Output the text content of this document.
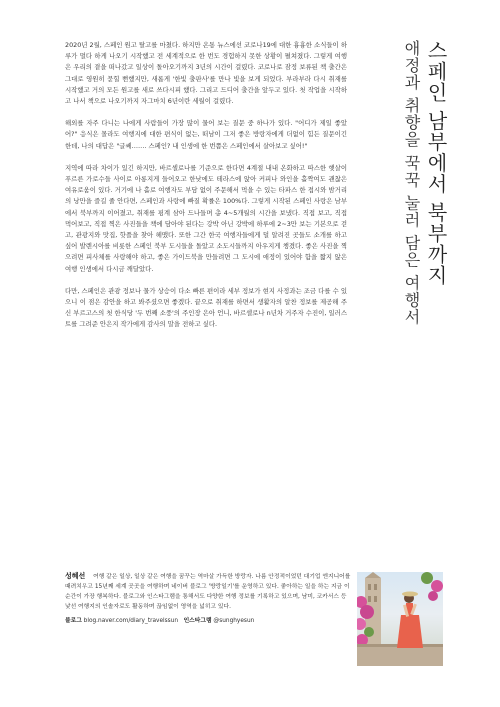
스페인 남부에서 북부까지
애정과 취향을 꾹꾹 눌러 담은 여행서

2020년 2월, 스페인 원고 탈고를 마쳤다. 하지만 온통 뉴스에선 코로나19에 대한 흉흉한 소식들이 하루가 멀다 하게 나오기 시작했고 전 세계적으로 한 번도 경험하지 못한 상황이 펼쳐졌다. 그렇게 여행은 우리의 곁을 떠나갔고 일상이 돌아오기까지 3년의 시간이 걸렸다. 코로나로 잠정 보류된 책 출간은 그대로 영원히 묻힐 뻔했지만, 새롭게 '한빛 출판사'를 만나 빛을 보게 되었다. 부라부라 다시 취재를 시작했고 거의 모든 원고를 새로 쓰다시피 했다. 그리고 드디어 출간을 앞두고 있다. 첫 작업을 시작하고 나서 책으로 나오기까지 자그마치 6년이란 세월이 걸렸다.

해외를 자주 다니는 나에게 사람들이 가장 많이 물어 보는 질문 중 하나가 있다. "어디가 제일 좋았어?" 응식은 몰라도 여행지에 대한 편식이 없는, 떠남이 그저 좋은 방랑자에게 더없이 힘든 질문이긴 한데, 나의 대답은 "글쎄……. 스페인? 내 인생에 한 번쯤은 스페인에서 살아보고 싶어!"

지역에 따라 차이가 있긴 하지만, 바르셀로나를 기준으로 한다면 4계절 내내 온화하고 따스한 햇살이 푸르른 가로수들 사이로 아롱지게 들어오고 한낮에도 테라스에 앉아 커피나 와인을 홀짝여도 괜찮은 여유로움이 있다. 거기에 나 홀로 여행자도 부담 없이 주문해서 먹을 수 있는 타파스 한 접시와 밤거리의 낭만을 즐길 줄 안다면, 스페인과 사랑에 빠질 확률은 100%다. 그렇게 시작된 스페인 사랑은 남부에서 북부까지 이어졌고, 취재를 핑계 삼아 드나들며 총 4~5개월의 시간을 보냈다. 직접 보고, 직접 먹어보고, 직접 찍은 사진들을 책에 담아야 된다는 강박 아닌 강박에 하루에 2~3만 보는 기본으로 걷고, 관광지와 맛집, 핫플을 찾아 헤맸다. 또한 그간 한국 여행자들에게 덜 알려진 곳들도 소개를 하고 싶어 발렌시아를 비롯한 스페인 북부 도시들을 돌았고 소도시들까지 아우지게 챙겼다. 좋은 사진을 찍으려면 피사체를 사랑해야 하고, 좋은 가이드북을 만들려면 그 도시에 애정이 있어야 함을 짧지 않은 여행 인생에서 다시금 깨달았다.

다만, 스페인은 관광 정보나 물가 상승이 다소 빠른 편이라 세부 정보가 현지 사정과는 조금 다를 수 있으니 이 점은 감안을 하고 봐주셨으면 좋겠다. 끝으로 취재를 하면서 생활자의 알찬 정보를 제공해 주신 부르고스의 첫 한식당 '두 번째 소풍'의 주인장 은아 언니, 바르셀로나 n년차 거주자 수진이, 일러스트를 그려준 안은지 작가에게 감사의 말을 전하고 싶다.

성혜선 여행 같은 일상, 일상 같은 여행을 꿈꾸는 역마살 가득한 방랑자. 나름 안정적이었던 대기업 엔지니어를 때려치우고 15년째 세계 곳곳을 여행하며 네이버 블로그 '방랑일기'를 운영하고 있다. 좋아하는 일을 하는 지금 이 순간이 가장 행복하다. 블로그와 인스타그램을 통해서도 다양한 여행 정보를 기록하고 있으며, 남미, 코카서스 등 낯선 여행지의 인솔자로도 활동하며 끊임없이 영역을 넓히고 있다.
블로그 blog.naver.com/diary_travelssun 인스타그램 @sunghyesun
